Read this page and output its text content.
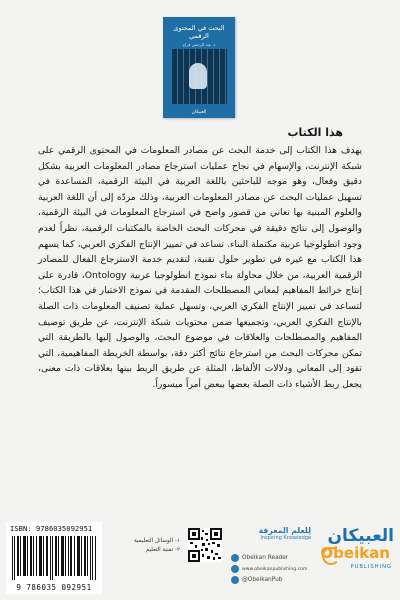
البحث في المحتوى الرقمي
د. عبد الرحمن فراج
العبيكان
هذا الكتاب
يهدف هذا الكتاب إلى خدمة البحث عن مصادر المعلومات في المحتوى الرقمي على شبكة الإنترنت، والإسهام في نجاح عمليات استرجاع مصادر المعلومات العربية بشكل دقيق وفعال، وهو موجه للباحثين باللغة العربية في البيئة الرقمية، المساعدة في تسهيل عمليات البحث عن مصادر المعلومات العربية، وذلك مردّه إلى أن اللغة العربية والعلوم المبنية بها تعاني من قصور واضح في استرجاع المعلومات في البيئة الرقمية، والوصول إلى نتائج دقيقة في محركات البحث الخاصة بالمكتبات الرقمية، نظراً لعدم وجود انطولوجيا عربية مكتملة البناء. تساعد في تمييز الإنتاج الفكري العربي، كما يسهم هذا الكتاب مع غيره في تطوير حلول تقنية، لتقديم خدمة الاسترجاع الفعال للمصادر الرقمية العربية، من خلال محاولة بناء نموذج انطولوجيا عربية Ontology، قادرة على إنتاج خرائط المفاهيم لمعاني المصطلحات المقدمة في نموذج الاختبار في هذا الكتاب؛ لتساعد في تمييز الإنتاج الفكري العربي، وتسهل عملية تصنيف المعلومات ذات الصلة بالإنتاج الفكري العربي، وتجميعها ضمن محتويات شبكة الإنترنت، عن طريق توصيف المفاهيم والمصطلحات والعلاقات في موضوع البحث، والوصول إليها بالطريقة التي تمكن محركات البحث من استرجاع نتائج أكثر دقة، بواسطة الخريطة المفاهيمية، التي تقود إلى المعاني ودلالات الألفاظ، المثلة عن طريق الربط بينها بعلاقات ذات معنى، يجعل ربط الأشياء ذات الصلة بعضها ببعض أمراً ميسوراً.
ISBN: 9786035092951
9 786035 092951
١- الوسائل التعليمية
٢- تقنية التعليم
لِلعلم المعرفة
Inspiring Knowledge
Obeikan Reader
www.obeikanpublishing.com
@ObeikanPub
العبيكان
Obeikan
PUBLISHING
